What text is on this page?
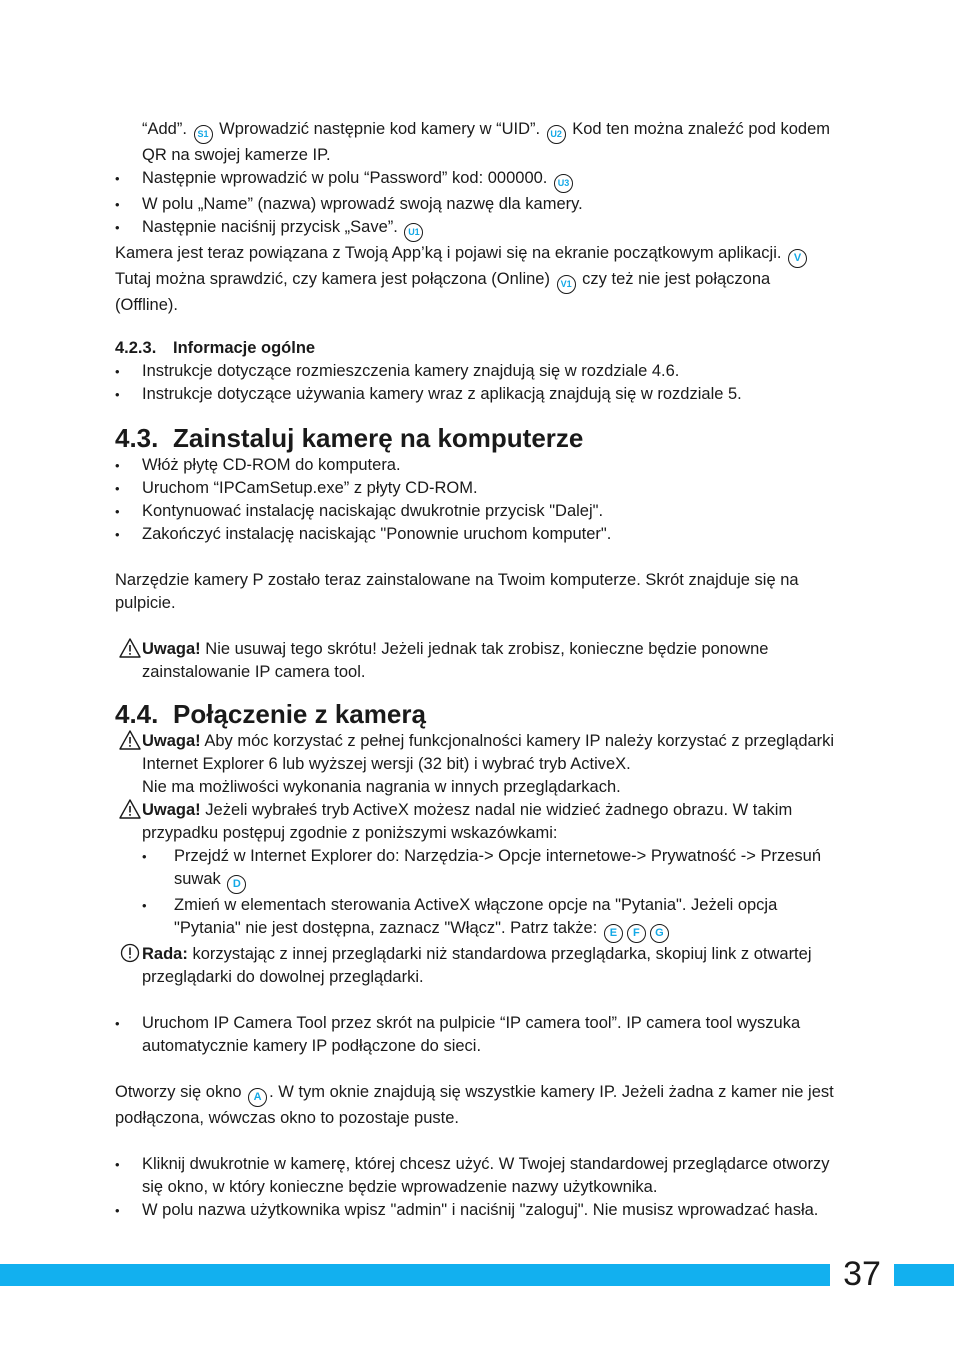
“Add”. S1 Wprowadzić następnie kod kamery w “UID”. U2 Kod ten można znaleźć pod kodem QR na swojej kamerze IP.

• Następnie wprowadzić w polu “Password” kod: 000000. U3
• W polu „Name” (nazwa) wprowadź swoją nazwę dla kamery.
• Następnie naciśnij przycisk „Save”. U1

Kamera jest teraz powiązana z Twoją App’ką i pojawi się na ekranie początkowym aplikacji. V Tutaj można sprawdzić, czy kamera jest połączona (Online) V1 czy też nie jest połączona (Offline).

4.2.3. Informacje ogólne
• Instrukcje dotyczące rozmieszczenia kamery znajdują się w rozdziale 4.6.
• Instrukcje dotyczące używania kamery wraz z aplikacją znajdują się w rozdziale 5.
4.3. Zainstaluj kamerę na komputerze
• Włóż płytę CD-ROM do komputera.
• Uruchom “IPCamSetup.exe” z płyty CD-ROM.
• Kontynuować instalację naciskając dwukrotnie przycisk "Dalej".
• Zakończyć instalację naciskając "Ponownie uruchom komputer".

Narzędzie kamery P zostało teraz zainstalowane na Twoim komputerze. Skrót znajduje się na pulpicie.

Uwaga! Nie usuwaj tego skrótu! Jeżeli jednak tak zrobisz, konieczne będzie ponowne zainstalowanie IP camera tool.

4.4. Połączenie z kamerą

Uwaga! Aby móc korzystać z pełnej funkcjonalności kamery IP należy korzystać z przeglądarki Internet Explorer 6 lub wyższej wersji (32 bit) i wybrać tryb ActiveX.

Nie ma możliwości wykonania nagrania w innych przeglądarkach.

Uwaga! Jeżeli wybrałeś tryb ActiveX możesz nadal nie widzieć żadnego obrazu. W takim przypadku postępuj zgodnie z poniższymi wskazówkami:

• Przejdź w Internet Explorer do: Narzędzia-> Opcje internetowe-> Prywatność -> Przesuń suwak D
• Zmień w elementach sterowania ActiveX włączone opcje na "Pytania". Jeżeli opcja "Pytania" nie jest dostępna, zaznacz "Włącz". Patrz także: E F G

Rada: korzystając z innej przeglądarki niż standardowa przeglądarka, skopiuj link z otwartej przeglądarki do dowolnej przeglądarki.

• Uruchom IP Camera Tool przez skrót na pulpicie “IP camera tool”. IP camera tool wyszuka automatycznie kamery IP podłączone do sieci.

Otworzy się okno A . W tym oknie znajdują się wszystkie kamery IP. Jeżeli żadna z kamer nie jest podłączona, wówczas okno to pozostaje puste.

• Kliknij dwukrotnie w kamerę, której chcesz użyć. W Twojej standardowej przeglądarce otworzy się okno, w który konieczne będzie wprowadzenie nazwy użytkownika.
• W polu nazwa użytkownika wpisz "admin" i naciśnij "zaloguj". Nie musisz wprowadzać hasła.
37
